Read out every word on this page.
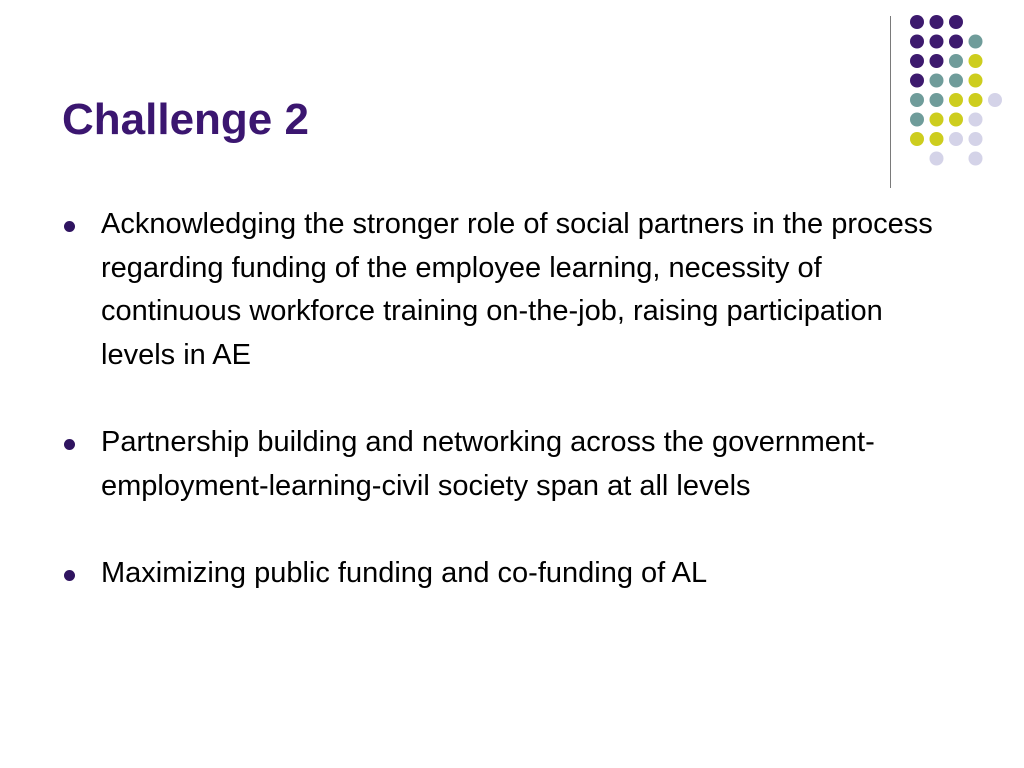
Challenge 2
Acknowledging the stronger role of social partners in the process regarding funding of the employee learning, necessity of continuous workforce training on-the-job, raising participation levels in AE
Partnership building and networking across the government-employment-learning-civil society span at all levels
Maximizing public funding and co-funding of AL
